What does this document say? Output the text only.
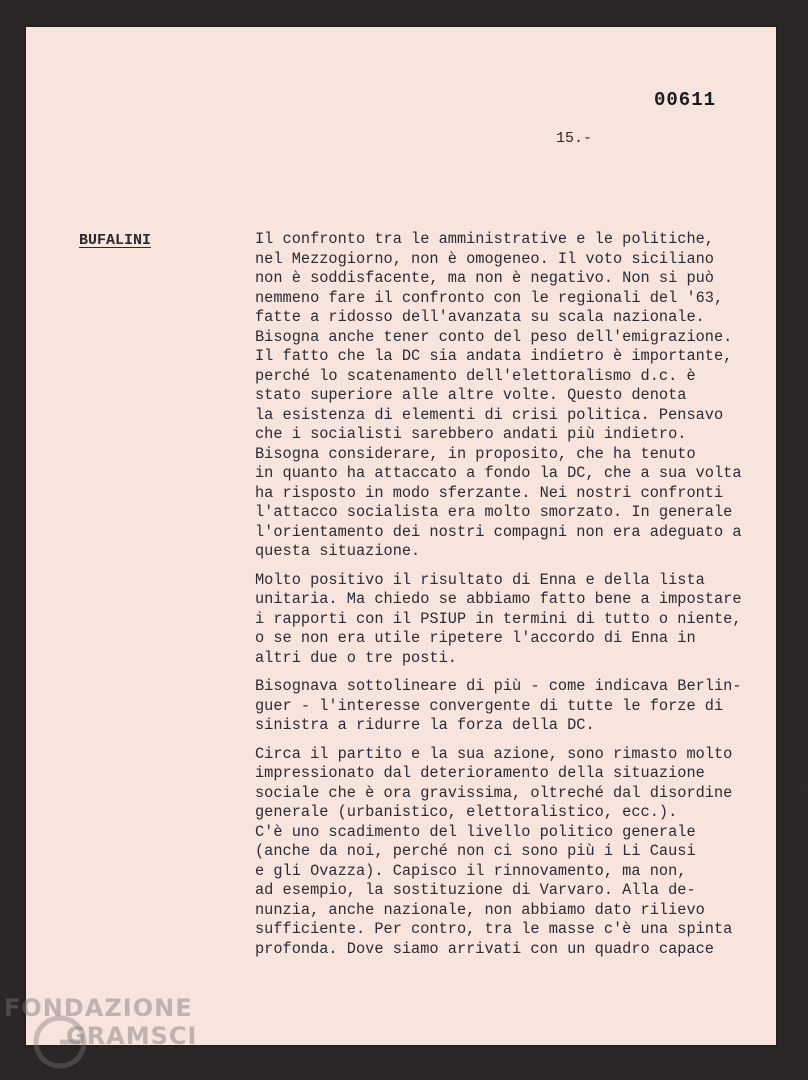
00611
15.-
BUFALINI	Il confronto tra le amministrative e le politiche,
nel Mezzogiorno, non è omogeneo. Il voto siciliano
non è soddisfacente, ma non è negativo. Non si può
nemmeno fare il confronto con le regionali del '63,
fatte a ridosso dell'avanzata su scala nazionale.
Bisogna anche tener conto del peso dell'emigrazione.
Il fatto che la DC sia andata indietro è importante,
perché lo scatenamento dell'elettoralismo d.c. è
stato superiore alle altre volte. Questo denota
la esistenza di elementi di crisi politica. Pensavo
che i socialisti sarebbero andati più indietro.
Bisogna considerare, in proposito, che ha tenuto
in quanto ha attaccato a fondo la DC, che a sua volta
ha risposto in modo sferzante. Nei nostri confronti
l'attacco socialista era molto smorzato. In generale
l'orientamento dei nostri compagni non era adeguato a
questa situazione.
Molto positivo il risultato di Enna e della lista
unitaria. Ma chiedo se abbiamo fatto bene a impostare
i rapporti con il PSIUP in termini di tutto o niente,
o se non era utile ripetere l'accordo di Enna in
altri due o tre posti.
Bisognava sottolineare di più - come indicava Berlin-
guer - l'interesse convergente di tutte le forze di
sinistra a ridurre la forza della DC.
Circa il partito e la sua azione, sono rimasto molto
impressionato dal deterioramento della situazione
sociale che è ora gravissima, oltreché dal disordine
generale (urbanistico, elettoralistico, ecc.).
C'è uno scadimento del livello politico generale
(anche da noi, perché non ci sono più i Li Causi
e gli Ovazza). Capisco il rinnovamento, ma non,
ad esempio, la sostituzione di Varvaro. Alla de-
nunzia, anche nazionale, non abbiamo dato rilievo
sufficiente. Per contro, tra le masse c'è una spinta
profonda. Dove siamo arrivati con un quadro capace
xxx
FONDAZIONE
GRAMSCI
